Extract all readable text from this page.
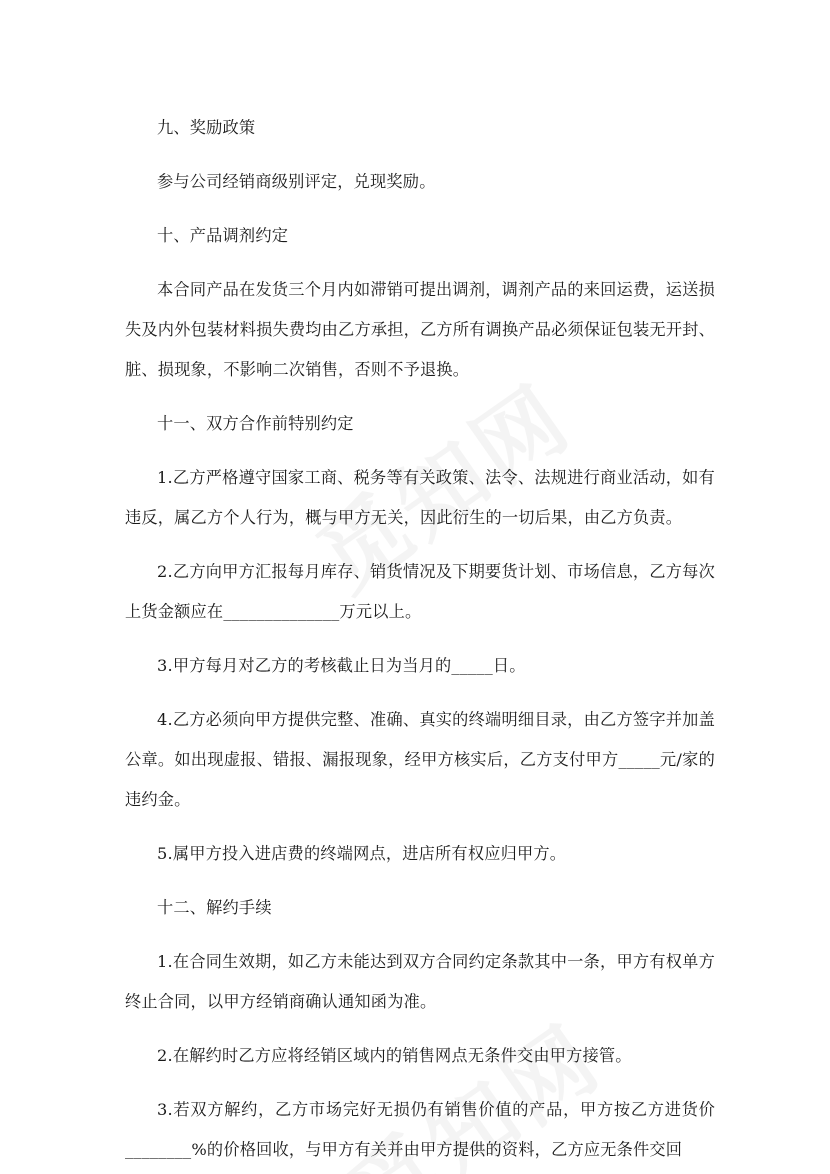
九、奖励政策

参与公司经销商级别评定，兑现奖励。

十、产品调剂约定

本合同产品在发货三个月内如滞销可提出调剂，调剂产品的来回运费，运送损失及内外包装材料损失费均由乙方承担，乙方所有调换产品必须保证包装无开封、脏、损现象，不影响二次销售，否则不予退换。

十一、双方合作前特别约定

1.乙方严格遵守国家工商、税务等有关政策、法令、法规进行商业活动，如有违反，属乙方个人行为，概与甲方无关，因此衍生的一切后果，由乙方负责。

2.乙方向甲方汇报每月库存、销货情况及下期要货计划、市场信息，乙方每次上货金额应在______________万元以上。

3.甲方每月对乙方的考核截止日为当月的_____日。

4.乙方必须向甲方提供完整、准确、真实的终端明细目录，由乙方签字并加盖公章。如出现虚报、错报、漏报现象，经甲方核实后，乙方支付甲方_____元/家的违约金。

5.属甲方投入进店费的终端网点，进店所有权应归甲方。

十二、解约手续

1.在合同生效期，如乙方未能达到双方合同约定条款其中一条，甲方有权单方终止合同，以甲方经销商确认通知函为准。

2.在解约时乙方应将经销区域内的销售网点无条件交由甲方接管。

3.若双方解约，乙方市场完好无损仍有销售价值的产品，甲方按乙方进货价________%的价格回收，与甲方有关并由甲方提供的资料，乙方应无条件交回
